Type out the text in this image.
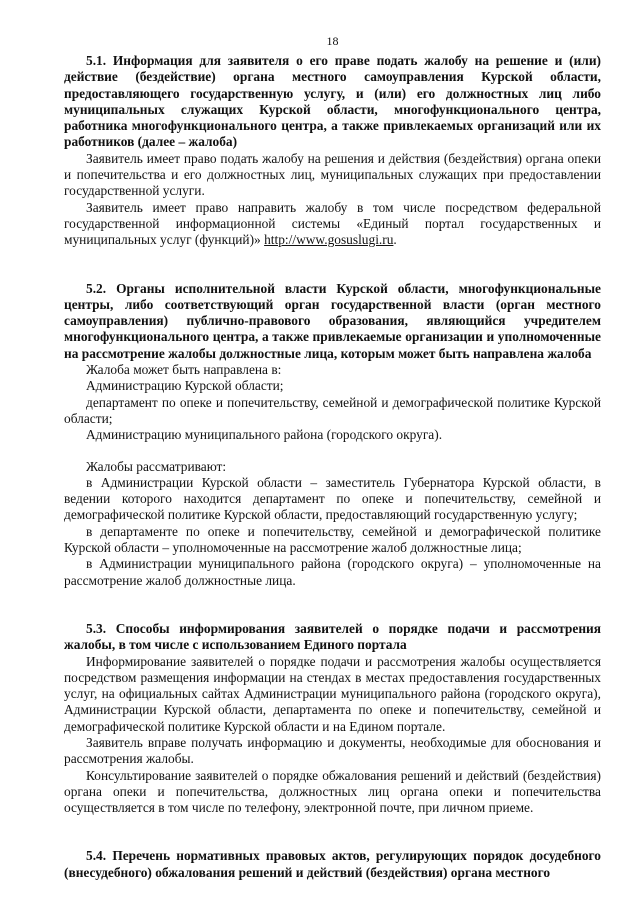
18

5.1. Информация для заявителя о его праве подать жалобу на решение и (или) действие (бездействие) органа местного самоуправления Курской области, предоставляющего государственную услугу, и (или) его должностных лиц либо муниципальных служащих Курской области, многофункционального центра, работника многофункционального центра, а также привлекаемых организаций или их работников (далее – жалоба)

Заявитель имеет право подать жалобу на решения и действия (бездействия) органа опеки и попечительства и его должностных лиц, муниципальных служащих при предоставлении государственной услуги.

Заявитель имеет право направить жалобу в том числе посредством федеральной государственной информационной системы «Единый портал государственных и муниципальных услуг (функций)» http://www.gosuslugi.ru.

5.2. Органы исполнительной власти Курской области, многофункциональные центры, либо соответствующий орган государственной власти (орган местного самоуправления) публично-правового образования, являющийся учредителем многофункционального центра, а также привлекаемые организации и уполномоченные на рассмотрение жалобы должностные лица, которым может быть направлена жалоба

Жалоба может быть направлена в:

Администрацию Курской области;

департамент по опеке и попечительству, семейной и демографической политике Курской области;

Администрацию муниципального района (городского округа).

Жалобы рассматривают:

в Администрации Курской области – заместитель Губернатора Курской области, в ведении которого находится департамент по опеке и попечительству, семейной и демографической политике Курской области, предоставляющий государственную услугу;

в департаменте по опеке и попечительству, семейной и демографической политике Курской области – уполномоченные на рассмотрение жалоб должностные лица;

в Администрации муниципального района (городского округа) – уполномоченные на рассмотрение жалоб должностные лица.

5.3. Способы информирования заявителей о порядке подачи и рассмотрения жалобы, в том числе с использованием Единого портала

Информирование заявителей о порядке подачи и рассмотрения жалобы осуществляется посредством размещения информации на стендах в местах предоставления государственных услуг, на официальных сайтах Администрации муниципального района (городского округа), Администрации Курской области, департамента по опеке и попечительству, семейной и демографической политике Курской области и на Едином портале.

Заявитель вправе получать информацию и документы, необходимые для обоснования и рассмотрения жалобы.

Консультирование заявителей о порядке обжалования решений и действий (бездействия) органа опеки и попечительства, должностных лиц органа опеки и попечительства осуществляется в том числе по телефону, электронной почте, при личном приеме.

5.4. Перечень нормативных правовых актов, регулирующих порядок досудебного (внесудебного) обжалования решений и действий (бездействия) органа местного
